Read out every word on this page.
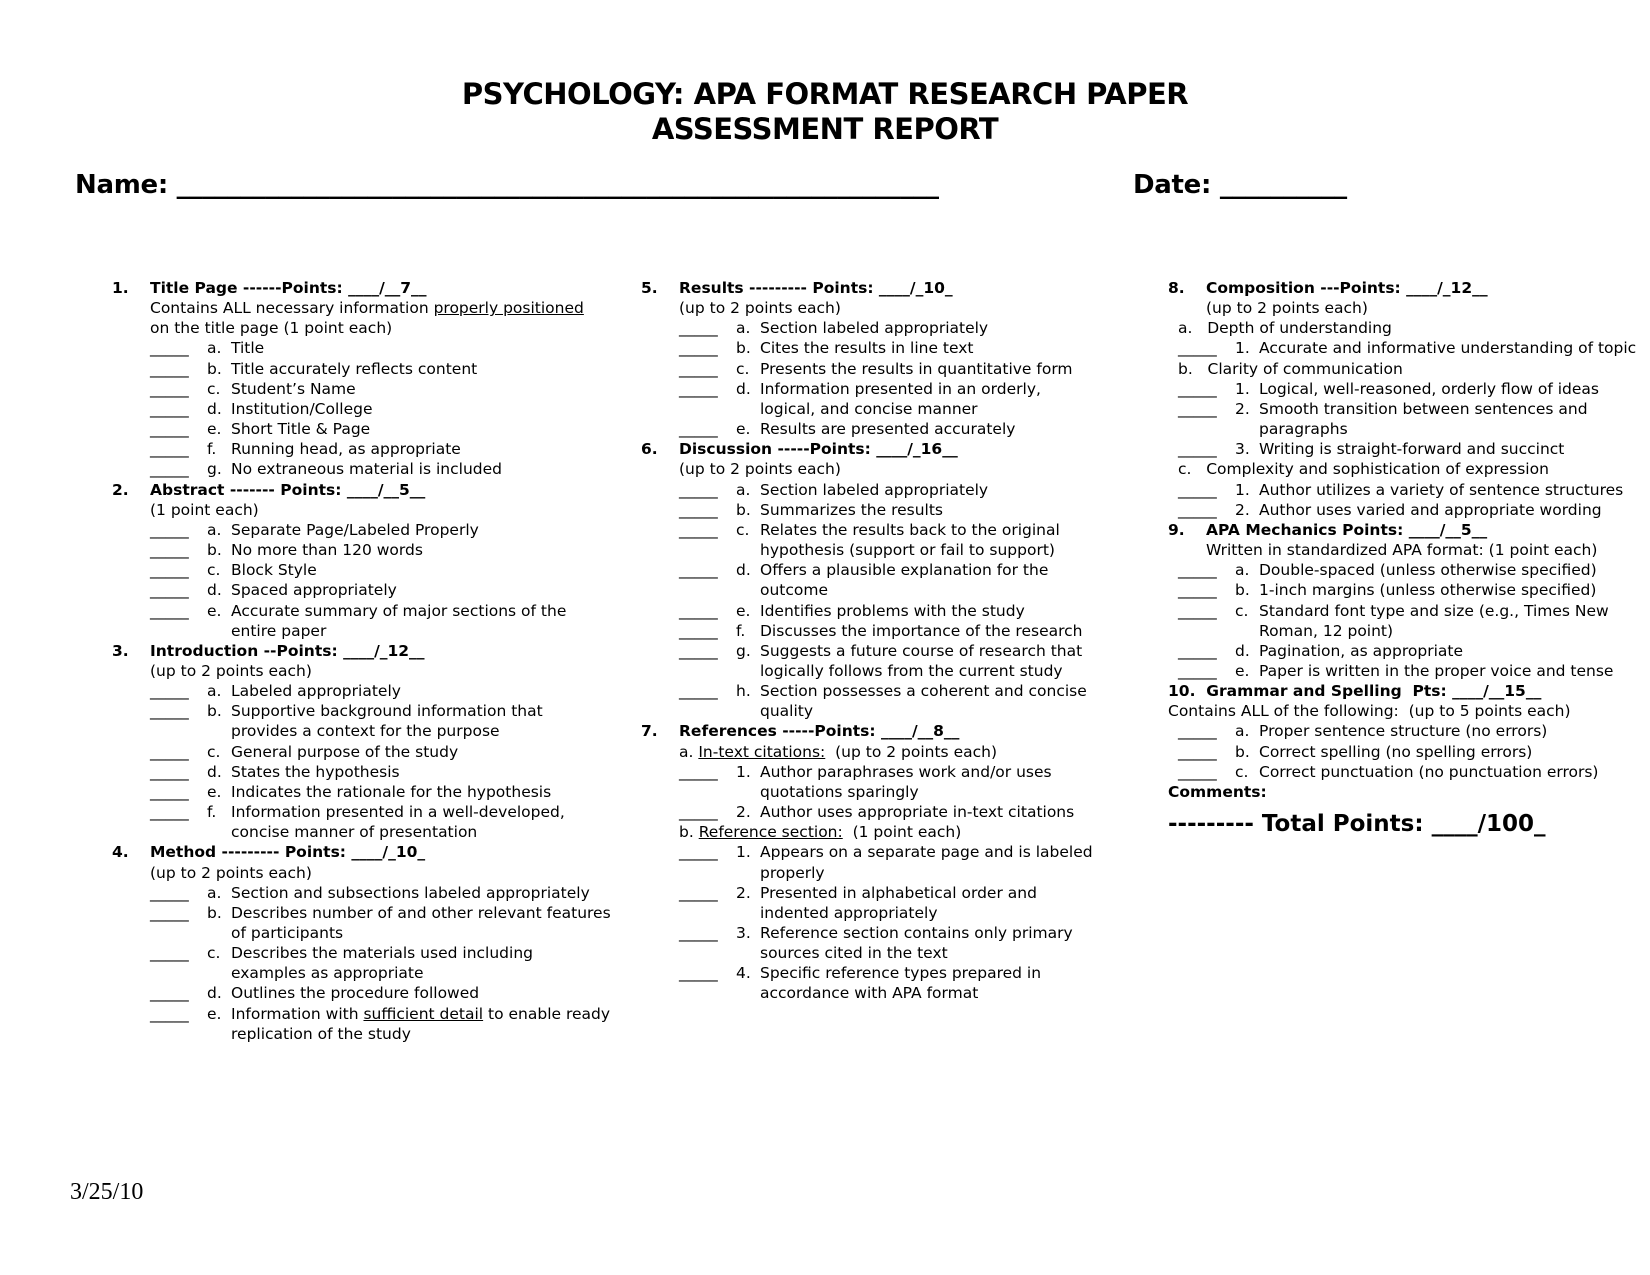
PSYCHOLOGY: APA FORMAT RESEARCH PAPER
ASSESSMENT REPORT
Name: ____________________________________________________________	Date: __________
1. Title Page ------Points: ____/__7__
Contains ALL necessary information properly positioned
on the title page (1 point each)
_____	a. Title
_____	b. Title accurately reflects content
_____	c. Student’s Name
_____	d. Institution/College
_____	e. Short Title & Page
_____	f. Running head, as appropriate
_____	g. No extraneous material is included
2. Abstract ------- Points: ____/__5__
(1 point each)
_____	a. Separate Page/Labeled Properly
_____	b. No more than 120 words
_____	c. Block Style
_____	d. Spaced appropriately
_____	e. Accurate summary of major sections of the entire paper
3. Introduction --Points: ____/_12__
(up to 2 points each)
_____	a. Labeled appropriately
_____	b. Supportive background information that provides a context for the purpose
_____	c. General purpose of the study
_____	d. States the hypothesis
_____	e. Indicates the rationale for the hypothesis
_____	f. Information presented in a well-developed, concise manner of presentation
4. Method --------- Points: ____/_10_
(up to 2 points each)
_____	a. Section and subsections labeled appropriately
_____	b. Describes number of and other relevant features of participants
_____	c. Describes the materials used including examples as appropriate
_____	d. Outlines the procedure followed
_____	e. Information with sufficient detail to enable ready replication of the study
5. Results --------- Points: ____/_10_
(up to 2 points each)
_____	a. Section labeled appropriately
_____	b. Cites the results in line text
_____	c. Presents the results in quantitative form
_____	d. Information presented in an orderly, logical, and concise manner
_____	e. Results are presented accurately
6. Discussion -----Points: ____/_16__
(up to 2 points each)
_____	a. Section labeled appropriately
_____	b. Summarizes the results
_____	c. Relates the results back to the original hypothesis (support or fail to support)
_____	d. Offers a plausible explanation for the outcome
_____	e. Identifies problems with the study
_____	f. Discusses the importance of the research
_____	g. Suggests a future course of research that logically follows from the current study
_____	h. Section possesses a coherent and concise quality
7. References -----Points: ____/__8__
a. In-text citations:  (up to 2 points each)
_____	1. Author paraphrases work and/or uses quotations sparingly
_____	2. Author uses appropriate in-text citations
b. Reference section:  (1 point each)
_____	1. Appears on a separate page and is labeled properly
_____	2. Presented in alphabetical order and indented appropriately
_____	3. Reference section contains only primary sources cited in the text
_____	4. Specific reference types prepared in accordance with APA format
8. Composition ---Points: ____/_12__
(up to 2 points each)
a.   Depth of understanding
_____	1. Accurate and informative understanding of topic
b.   Clarity of communication
_____	1. Logical, well-reasoned, orderly flow of ideas
_____	2. Smooth transition between sentences and paragraphs
_____	3. Writing is straight-forward and succinct
c.   Complexity and sophistication of expression
_____	1. Author utilizes a variety of sentence structures
_____	2. Author uses varied and appropriate wording
9. APA Mechanics Points: ____/__5__
Written in standardized APA format: (1 point each)
_____	a. Double-spaced (unless otherwise specified)
_____	b. 1-inch margins (unless otherwise specified)
_____	c. Standard font type and size (e.g., Times New Roman, 12 point)
_____	d. Pagination, as appropriate
_____	e. Paper is written in the proper voice and tense
10.  Grammar and Spelling  Pts: ____/__15__
Contains ALL of the following:  (up to 5 points each)
_____	a. Proper sentence structure (no errors)
_____	b. Correct spelling (no spelling errors)
_____	c. Correct punctuation (no punctuation errors)
Comments:
--------- Total Points: ____/100_
3/25/10
